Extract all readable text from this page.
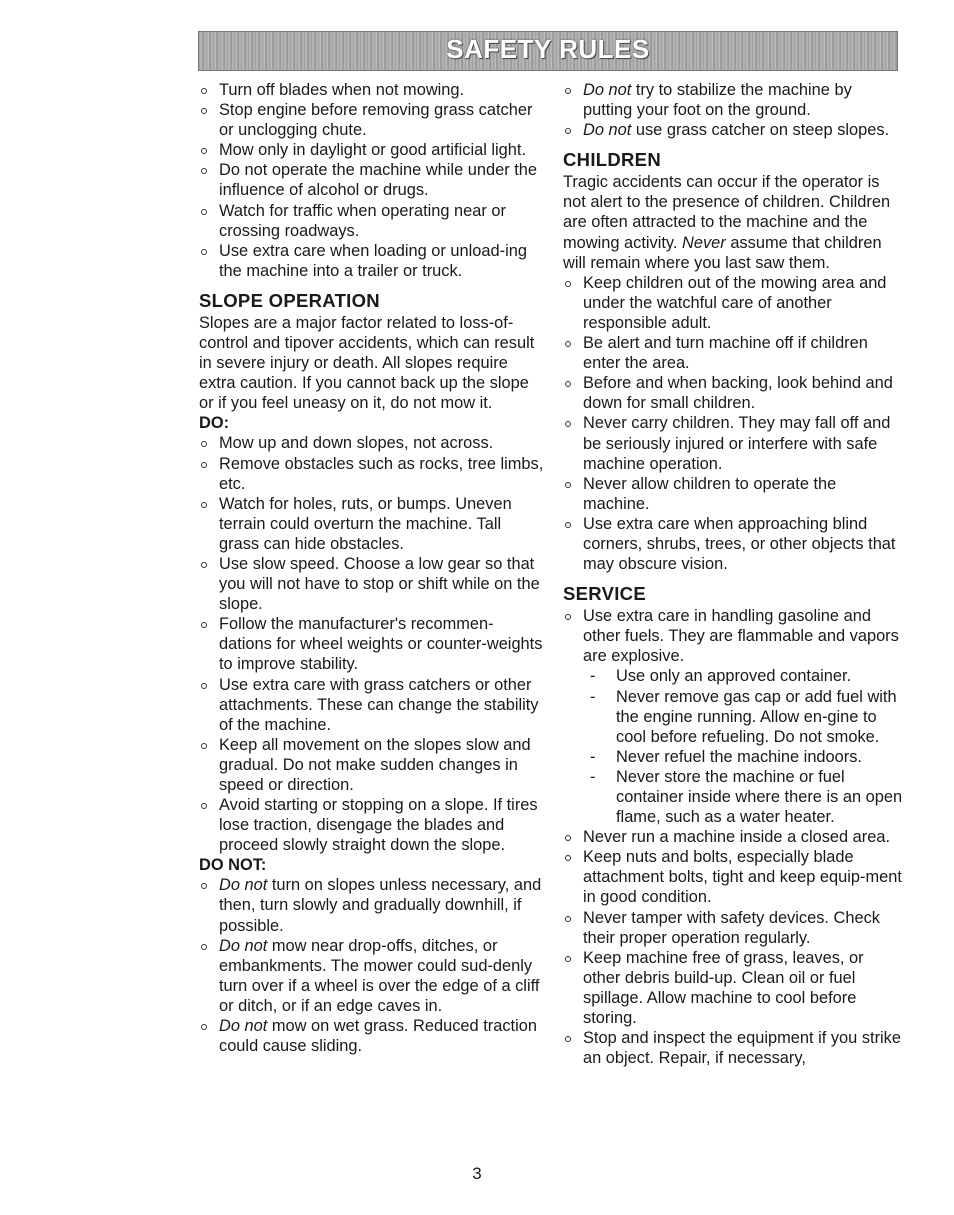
SAFETY RULES
Turn off blades when not mowing.
Stop engine before removing grass catcher or unclogging chute.
Mow only in daylight or good artificial light.
Do not operate the machine while under the influence of alcohol or drugs.
Watch for traffic when operating near or crossing roadways.
Use extra care when loading or unload-ing the machine into a trailer or truck.
SLOPE OPERATION

Slopes are a major factor related to loss-of-control and tipover accidents, which can result in severe injury or death. All slopes require extra caution. If you cannot back up the slope or if you feel uneasy on it, do not mow it.

DO:
Mow up and down slopes, not across.
Remove obstacles such as rocks, tree limbs, etc.
Watch for holes, ruts, or bumps. Uneven terrain could overturn the machine. Tall grass can hide obstacles.
Use slow speed. Choose a low gear so that you will not have to stop or shift while on the slope.
Follow the manufacturer's recommen-dations for wheel weights or counter-weights to improve stability.
Use extra care with grass catchers or other attachments. These can change the stability of the machine.
Keep all movement on the slopes slow and gradual. Do not make sudden changes in speed or direction.
Avoid starting or stopping on a slope. If tires lose traction, disengage the blades and proceed slowly straight down the slope.
DO NOT:
Do not turn on slopes unless necessary, and then, turn slowly and gradually downhill, if possible.
Do not mow near drop-offs, ditches, or embankments. The mower could sud-denly turn over if a wheel is over the edge of a cliff or ditch, or if an edge caves in.
Do not mow on wet grass. Reduced traction could cause sliding.
Do not try to stabilize the machine by putting your foot on the ground.
Do not use grass catcher on steep slopes.
CHILDREN

Tragic accidents can occur if the operator is not alert to the presence of children. Children are often attracted to the machine and the mowing activity. Never assume that children will remain where you last saw them.

Keep children out of the mowing area and under the watchful care of another responsible adult.
Be alert and turn machine off if children enter the area.
Before and when backing, look behind and down for small children.
Never carry children. They may fall off and be seriously injured or interfere with safe machine operation.
Never allow children to operate the machine.
Use extra care when approaching blind corners, shrubs, trees, or other objects that may obscure vision.
SERVICE
Use extra care in handling gasoline and other fuels. They are flammable and vapors are explosive.
- Use only an approved container.
- Never remove gas cap or add fuel with the engine running. Allow en-gine to cool before refueling. Do not smoke.
- Never refuel the machine indoors.
- Never store the machine or fuel container inside where there is an open flame, such as a water heater.
Never run a machine inside a closed area.
Keep nuts and bolts, especially blade attachment bolts, tight and keep equip-ment in good condition.
Never tamper with safety devices. Check their proper operation regularly.
Keep machine free of grass, leaves, or other debris build-up. Clean oil or fuel spillage. Allow machine to cool before storing.
Stop and inspect the equipment if you strike an object. Repair, if necessary,
3
